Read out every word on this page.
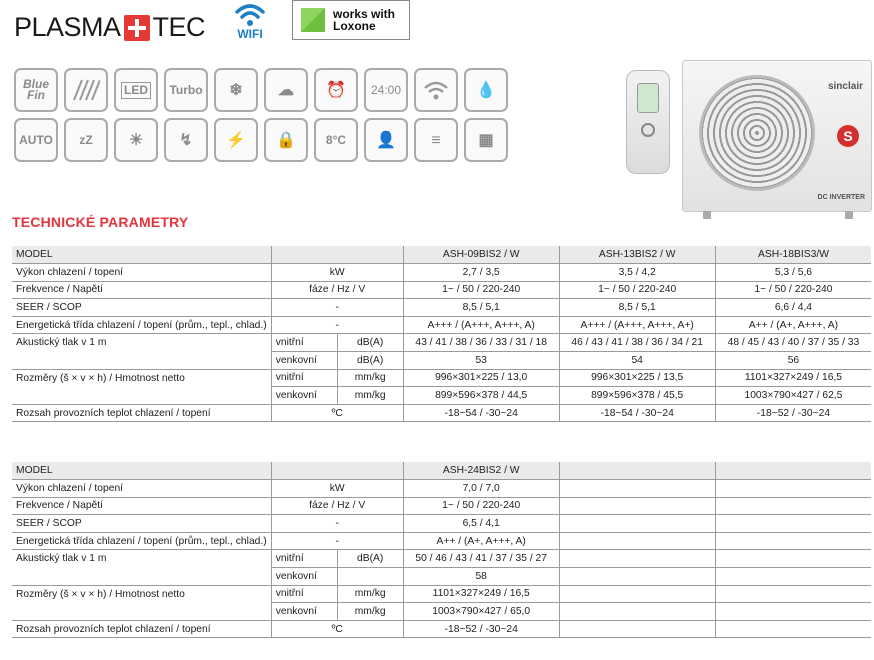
PLASMA TEC	WIFI
works with
Loxone
Blue Fin	LED	Turbo	❄	☁	⏰	24:00	💧
AUTO	zZ	☀	↯	⚡	🔒	8°C	👤	≡	▦
sinclair
S
DC INVERTER
TECHNICKÉ PARAMETRY
MODEL			ASH-09BIS2 / W	ASH-13BIS2 / W	ASH-18BIS3/W
Výkon chlazení / topení	kW		2,7 / 3,5	3,5 / 4,2	5,3 / 5,6
Frekvence / Napětí	fáze / Hz / V		1~ / 50 / 220-240	1~ / 50 / 220-240	1~ / 50 / 220-240
SEER / SCOP	-		8,5 / 5,1	8,5 / 5,1	6,6 / 4,4
Energetická třída chlazení / topení (prům., tepl., chlad.)	-		A+++ / (A+++, A+++, A)	A+++ / (A+++, A+++, A+)	A++ / (A+, A+++, A)
Akustický tlak v 1 m	vnitřní	dB(A)	43 / 41 / 38 / 36 / 33 / 31 / 18	46 / 43 / 41 / 38 / 36 / 34 / 21	48 / 45 / 43 / 40 / 37 / 35 / 33
	venkovní	dB(A)	53	54	56
Rozměry (š × v × h) / Hmotnost netto	vnitřní	mm/kg	996×301×225 / 13,0	996×301×225 / 13,5	1101×327×249 / 16,5
	venkovní	mm/kg	899×596×378 / 44,5	899×596×378 / 45,5	1003×790×427 / 62,5
Rozsah provozních teplot chlazení / topení	ºC		-18~54 / -30~24	-18~54 / -30~24	-18~52 / -30~24
MODEL			ASH-24BIS2 / W		
Výkon chlazení / topení	kW		7,0 / 7,0		
Frekvence / Napětí	fáze / Hz / V		1~ / 50 / 220-240		
SEER / SCOP	-		6,5 / 4,1		
Energetická třída chlazení / topení (prům., tepl., chlad.)	-		A++ / (A+, A+++, A)		
Akustický tlak v 1 m	vnitřní	dB(A)	50 / 46 / 43 / 41 / 37 / 35 / 27		
	venkovní		58		
Rozměry (š × v × h) / Hmotnost netto	vnitřní	mm/kg	1101×327×249 / 16,5		
	venkovní	mm/kg	1003×790×427 / 65,0		
Rozsah provozních teplot chlazení / topení	ºC		-18~52 / -30~24		
